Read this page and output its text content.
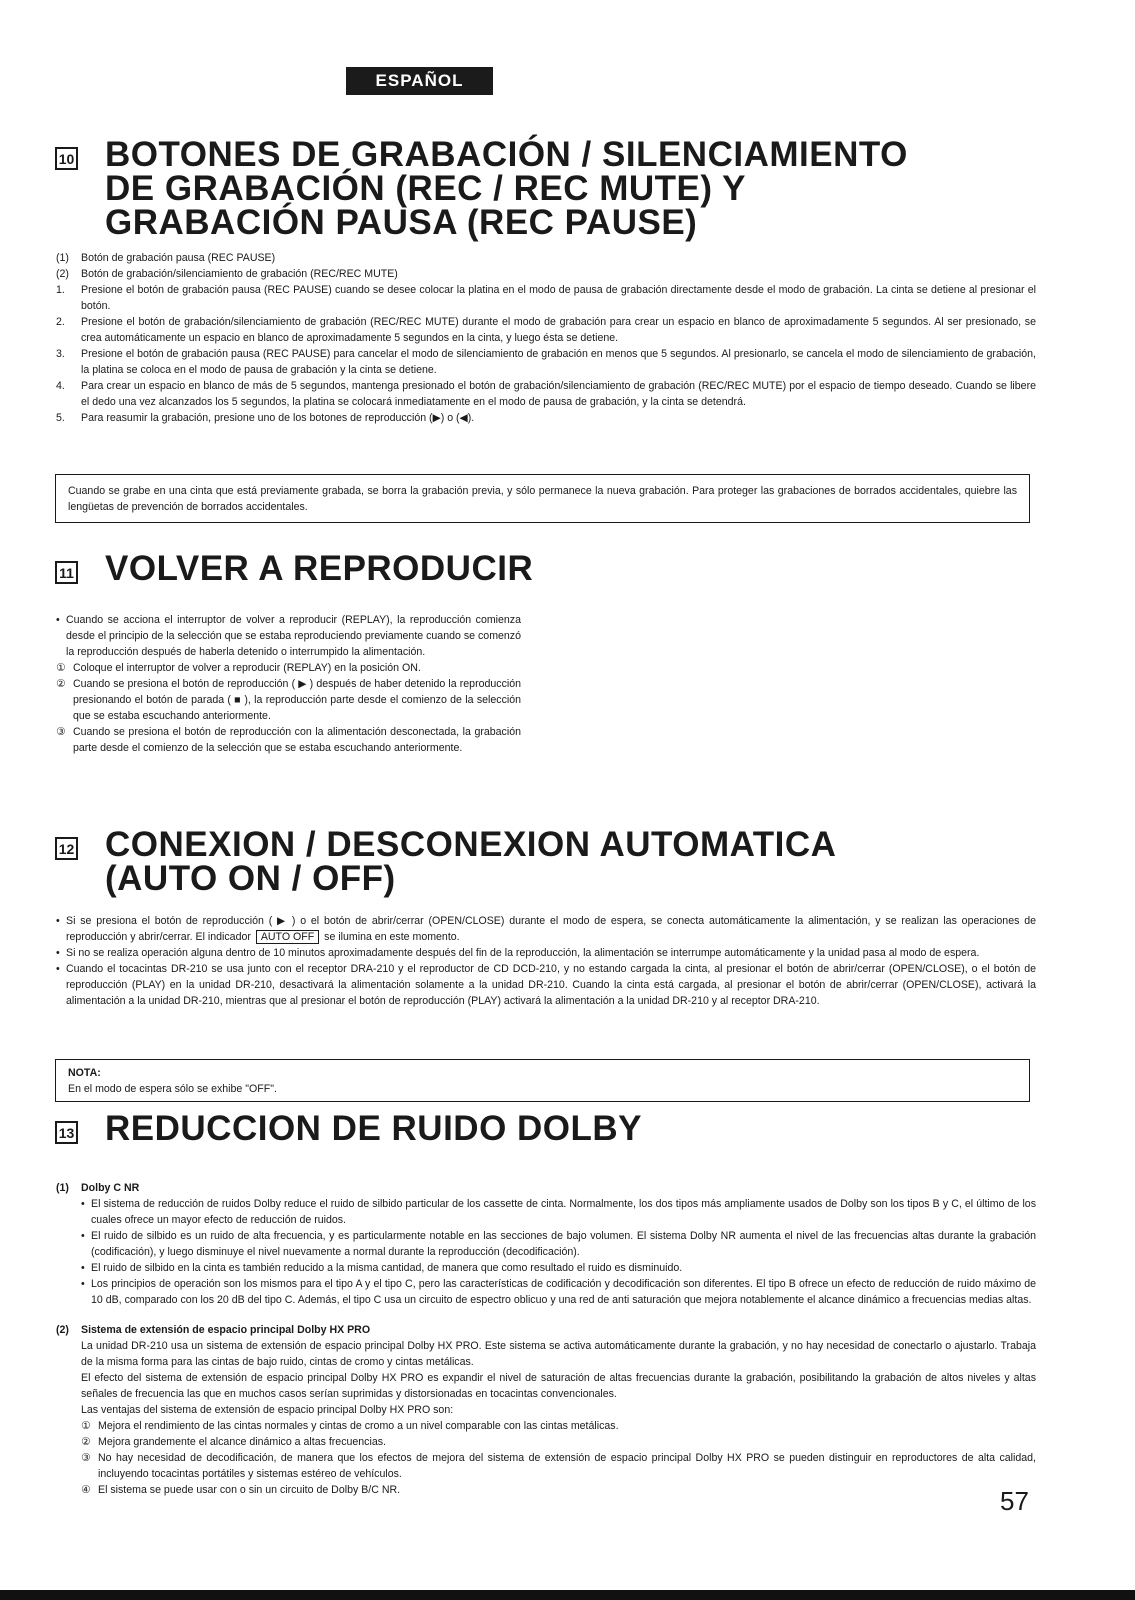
ESPAÑOL
10 BOTONES DE GRABACIÓN / SILENCIAMIENTO
DE GRABACIÓN (REC / REC MUTE) Y
GRABACIÓN PAUSA (REC PAUSE)
(1)	Botón de grabación pausa (REC PAUSE)
(2)	Botón de grabación/silenciamiento de grabación (REC/REC MUTE)
1.	Presione el botón de grabación pausa (REC PAUSE) cuando se desee colocar la platina en el modo de pausa de grabación directamente desde el modo de grabación. La cinta se detiene al presionar el botón.
2.	Presione el botón de grabación/silenciamiento de grabación (REC/REC MUTE) durante el modo de grabación para crear un espacio en blanco de aproximadamente 5 segundos. Al ser presionado, se crea automáticamente un espacio en blanco de aproximadamente 5 segundos en la cinta, y luego ésta se detiene.
3.	Presione el botón de grabación pausa (REC PAUSE) para cancelar el modo de silenciamiento de grabación en menos que 5 segundos. Al presionarlo, se cancela el modo de silenciamiento de grabación, la platina se coloca en el modo de pausa de grabación y la cinta se detiene.
4.	Para crear un espacio en blanco de más de 5 segundos, mantenga presionado el botón de grabación/silenciamiento de grabación (REC/REC MUTE) por el espacio de tiempo deseado. Cuando se libere el dedo una vez alcanzados los 5 segundos, la platina se colocará inmediatamente en el modo de pausa de grabación, y la cinta se detendrá.
5.	Para reasumir la grabación, presione uno de los botones de reproducción (▶) o (◀).
Cuando se grabe en una cinta que está previamente grabada, se borra la grabación previa, y sólo permanece la nueva grabación. Para proteger las grabaciones de borrados accidentales, quiebre las lengüetas de prevención de borrados accidentales.
11 VOLVER A REPRODUCIR
• Cuando se acciona el interruptor de volver a reproducir (REPLAY), la reproducción comienza desde el principio de la selección que se estaba reproduciendo previamente cuando se comenzó la reproducción después de haberla detenido o interrumpido la alimentación.
① Coloque el interruptor de volver a reproducir (REPLAY) en la posición ON.
② Cuando se presiona el botón de reproducción ( ▶ ) después de haber detenido la reproducción presionando el botón de parada ( ■ ), la reproducción parte desde el comienzo de la selección que se estaba escuchando anteriormente.
③ Cuando se presiona el botón de reproducción con la alimentación desconectada, la grabación parte desde el comienzo de la selección que se estaba escuchando anteriormente.
12 CONEXION / DESCONEXION AUTOMATICA
(AUTO ON / OFF)
• Si se presiona el botón de reproducción ( ▶ ) o el botón de abrir/cerrar (OPEN/CLOSE) durante el modo de espera, se conecta automáticamente la alimentación, y se realizan las operaciones de reproducción y abrir/cerrar. El indicador AUTO OFF se ilumina en este momento.
• Si no se realiza operación alguna dentro de 10 minutos aproximadamente después del fin de la reproducción, la alimentación se interrumpe automáticamente y la unidad pasa al modo de espera.
• Cuando el tocacintas DR-210 se usa junto con el receptor DRA-210 y el reproductor de CD DCD-210, y no estando cargada la cinta, al presionar el botón de abrir/cerrar (OPEN/CLOSE), o el botón de reproducción (PLAY) en la unidad DR-210, desactivará la alimentación solamente a la unidad DR-210. Cuando la cinta está cargada, al presionar el botón de abrir/cerrar (OPEN/CLOSE), activará la alimentación a la unidad DR-210, mientras que al presionar el botón de reproducción (PLAY) activará la alimentación a la unidad DR-210 y al receptor DRA-210.
NOTA:
En el modo de espera sólo se exhibe "OFF".
13 REDUCCION DE RUIDO DOLBY
(1)	Dolby C NR
• El sistema de reducción de ruidos Dolby reduce el ruido de silbido particular de los cassette de cinta. Normalmente, los dos tipos más ampliamente usados de Dolby son los tipos B y C, el último de los cuales ofrece un mayor efecto de reducción de ruidos.
• El ruido de silbido es un ruido de alta frecuencia, y es particularmente notable en las secciones de bajo volumen. El sistema Dolby NR aumenta el nivel de las frecuencias altas durante la grabación (codificación), y luego disminuye el nivel nuevamente a normal durante la reproducción (decodificación).
• El ruido de silbido en la cinta es también reducido a la misma cantidad, de manera que como resultado el ruido es disminuido.
• Los principios de operación son los mismos para el tipo A y el tipo C, pero las características de codificación y decodificación son diferentes. El tipo B ofrece un efecto de reducción de ruido máximo de 10 dB, comparado con los 20 dB del tipo C. Además, el tipo C usa un circuito de espectro oblicuo y una red de anti saturación que mejora notablemente el alcance dinámico a frecuencias medias altas.
(2)	Sistema de extensión de espacio principal Dolby HX PRO
La unidad DR-210 usa un sistema de extensión de espacio principal Dolby HX PRO. Este sistema se activa automáticamente durante la grabación, y no hay necesidad de conectarlo o ajustarlo. Trabaja de la misma forma para las cintas de bajo ruido, cintas de cromo y cintas metálicas.
El efecto del sistema de extensión de espacio principal Dolby HX PRO es expandir el nivel de saturación de altas frecuencias durante la grabación, posibilitando la grabación de altos niveles y altas señales de frecuencia las que en muchos casos serían suprimidas y distorsionadas en tocacintas convencionales.
Las ventajas del sistema de extensión de espacio principal Dolby HX PRO son:
① Mejora el rendimiento de las cintas normales y cintas de cromo a un nivel comparable con las cintas metálicas.
② Mejora grandemente el alcance dinámico a altas frecuencias.
③ No hay necesidad de decodificación, de manera que los efectos de mejora del sistema de extensión de espacio principal Dolby HX PRO se pueden distinguir en reproductores de alta calidad, incluyendo tocacintas portátiles y sistemas estéreo de vehículos.
④ El sistema se puede usar con o sin un circuito de Dolby B/C NR.	57
